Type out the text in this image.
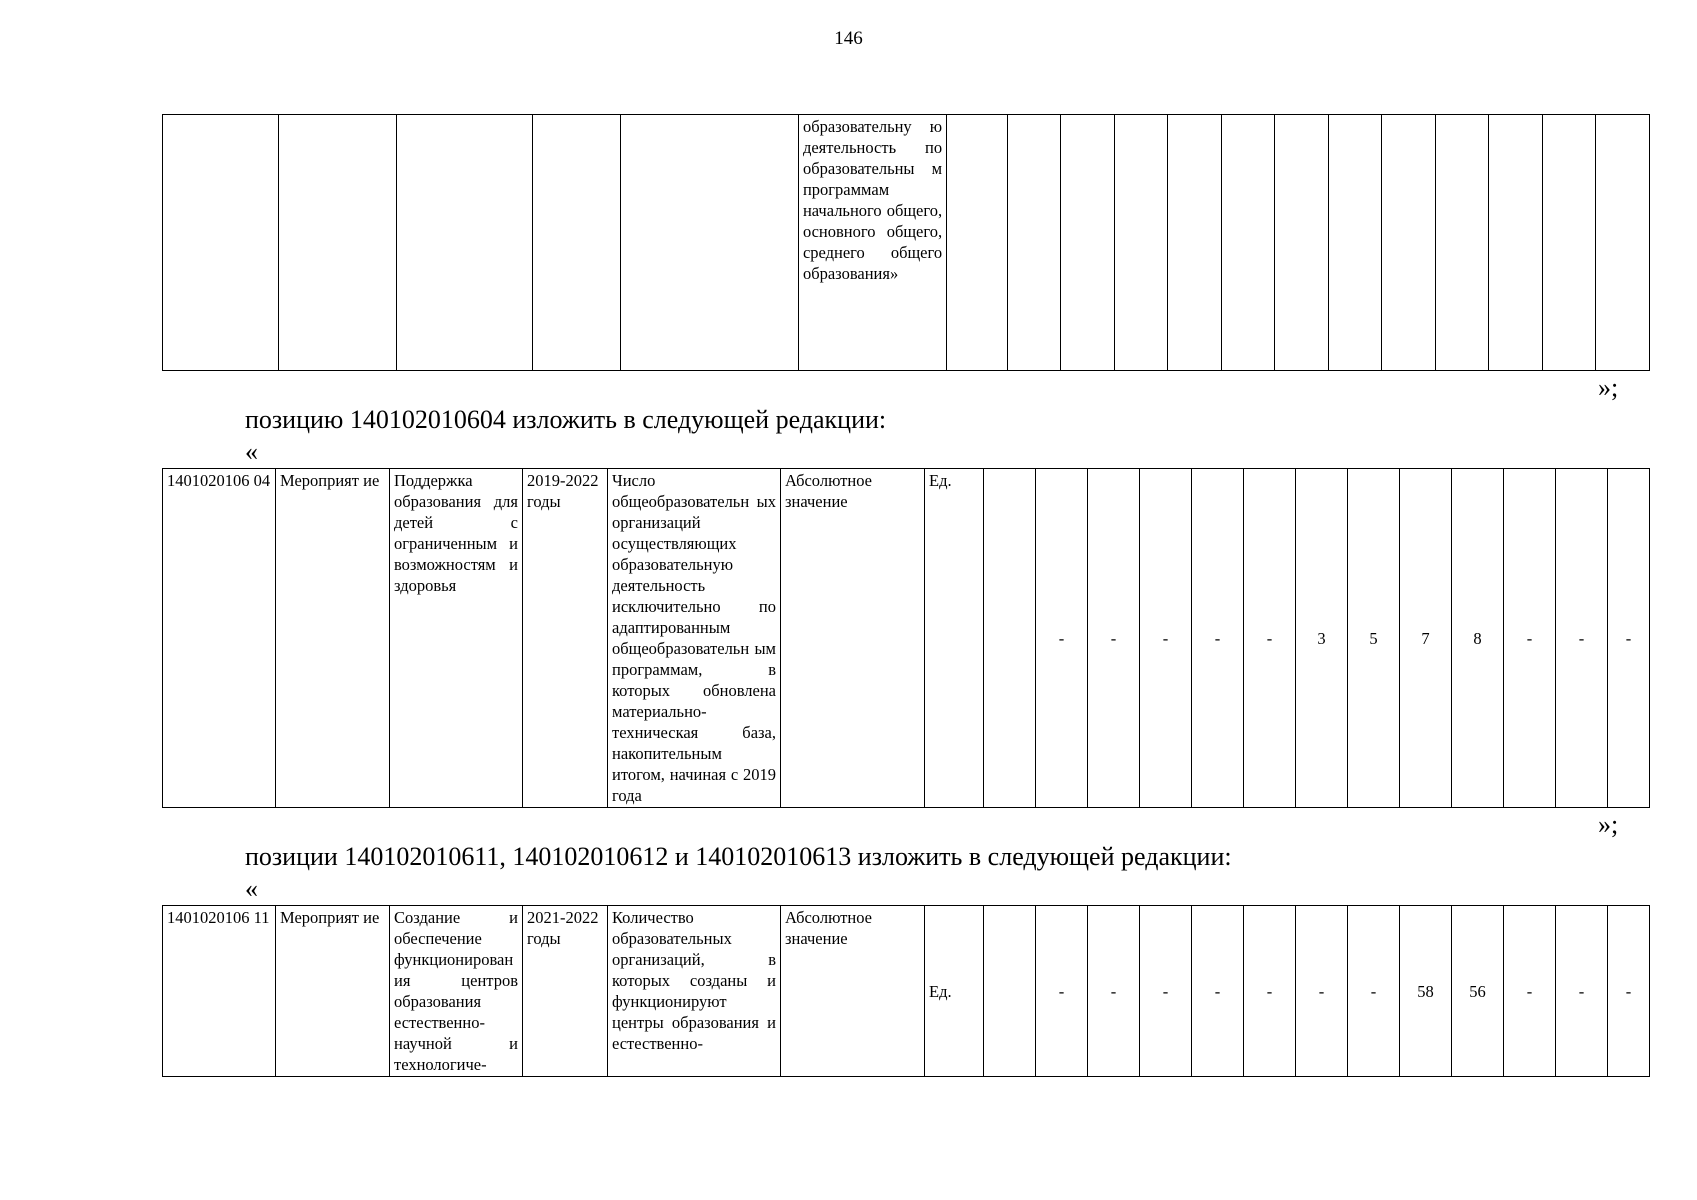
146
					образовательну ю деятельность по образовательны м программам начального общего, основного общего, среднего общего образования»													
»;
позицию 140102010604 изложить в следующей редакции:
«
1401020106 04	Мероприят ие	Поддержка образования для детей с ограниченным и возможностям и здоровья	2019-2022 годы	Число общеобразовательн ых организаций осуществляющих образовательную деятельность исключительно по адаптированным общеобразовательн ым программам, в которых обновлена материально-техническая база, накопительным итогом, начиная с 2019 года	Абсолютное значение	Ед.		-	-	-	-	-	3	5	7	8	-	-	-
»;
позиции 140102010611, 140102010612 и 140102010613 изложить в следующей редакции:
«
1401020106 11	Мероприят ие	Создание и обеспечение функционирования центров образования естественно-научной и технологиче-	2021-2022 годы	Количество образовательных организаций, в которых созданы и функционируют центры образования и естественно-	Абсолютное значение	Ед.		-	-	-	-	-	-	-	58	56	-	-	-
